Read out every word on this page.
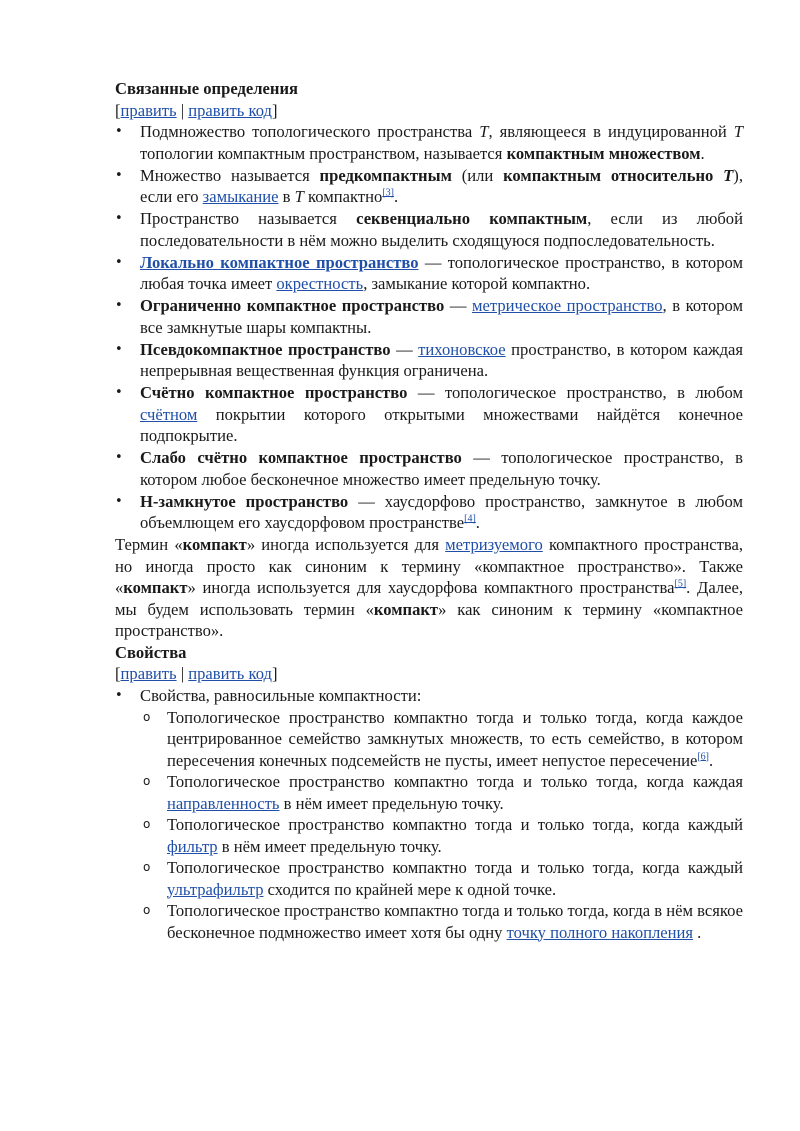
Связанные определения
[править | править код]
• Подмножество топологического пространства T, являющееся в индуцированной T топологии компактным пространством, называется компактным множеством.
• Множество называется предкомпактным (или компактным относительно T), если его замыкание в T компактно[3].
• Пространство называется секвенциально компактным, если из любой последовательности в нём можно выделить сходящуюся подпоследовательность.
• Локально компактное пространство — топологическое пространство, в котором любая точка имеет окрестность, замыкание которой компактно.
• Ограниченно компактное пространство — метрическое пространство, в котором все замкнутые шары компактны.
• Псевдокомпактное пространство — тихоновское пространство, в котором каждая непрерывная вещественная функция ограничена.
• Счётно компактное пространство — топологическое пространство, в любом счётном покрытии которого открытыми множествами найдётся конечное подпокрытие.
• Слабо счётно компактное пространство — топологическое пространство, в котором любое бесконечное множество имеет предельную точку.
• H-замкнутое пространство — хаусдорфово пространство, замкнутое в любом объемлющем его хаусдорфовом пространстве[4].

Термин «компакт» иногда используется для метризуемого компактного пространства, но иногда просто как синоним к термину «компактное пространство». Также «компакт» иногда используется для хаусдорфова компактного пространства[5]. Далее, мы будем использовать термин «компакт» как синоним к термину «компактное пространство».

Свойства
[править | править код]
• Свойства, равносильные компактности:
o Топологическое пространство компактно тогда и только тогда, когда каждое центрированное семейство замкнутых множеств, то есть семейство, в котором пересечения конечных подсемейств не пусты, имеет непустое пересечение[6].
o Топологическое пространство компактно тогда и только тогда, когда каждая направленность в нём имеет предельную точку.
o Топологическое пространство компактно тогда и только тогда, когда каждый фильтр в нём имеет предельную точку.
o Топологическое пространство компактно тогда и только тогда, когда каждый ультрафильтр сходится по крайней мере к одной точке.
o Топологическое пространство компактно тогда и только тогда, когда в нём всякое бесконечное подмножество имеет хотя бы одну точку полного накопления .
